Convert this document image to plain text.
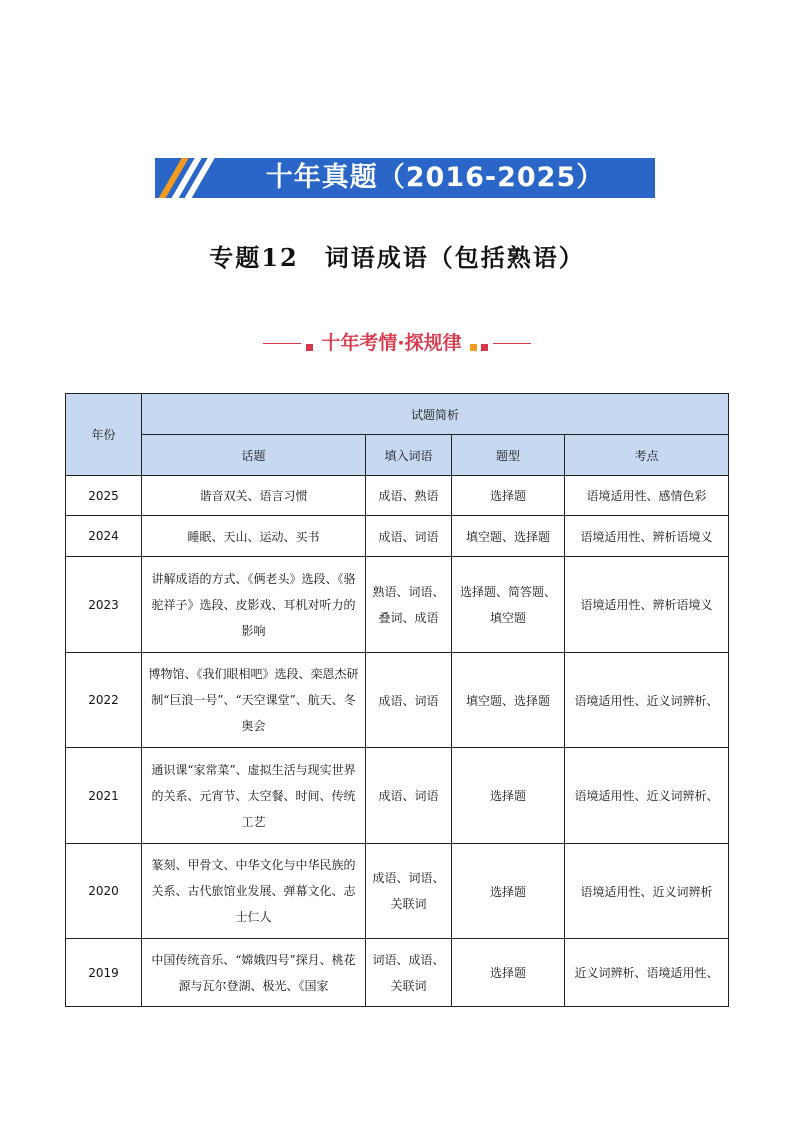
十年真题（2016-2025）
专题12　词语成语（包括熟语）
十年考情·探规律
年份	试题简析			
	话题	填入词语	题型	考点
2025	谐音双关、语言习惯	成语、熟语	选择题	语境适用性、感情色彩
2024	睡眠、天山、运动、买书	成语、词语	填空题、选择题	语境适用性、辨析语境义
2023	讲解成语的方式、《俩老头》选段、《骆驼祥子》选段、皮影戏、耳机对听力的影响	熟语、词语、叠词、成语	选择题、简答题、填空题	语境适用性、辨析语境义
2022	博物馆、《我们眼相吧》选段、栾恩杰研制“巨浪一号”、“天空课堂”、航天、冬奥会	成语、词语	填空题、选择题	语境适用性、近义词辨析、
2021	通识课“家常菜”、虚拟生活与现实世界的关系、元宵节、太空餐、时间、传统工艺	成语、词语	选择题	语境适用性、近义词辨析、
2020	篆刻、甲骨文、中华文化与中华民族的关系、古代旅馆业发展、弹幕文化、志士仁人	成语、词语、关联词	选择题	语境适用性、近义词辨析
2019	中国传统音乐、“嫦娥四号”探月、桃花源与瓦尔登湖、极光、《国家	词语、成语、关联词	选择题	近义词辨析、语境适用性、
